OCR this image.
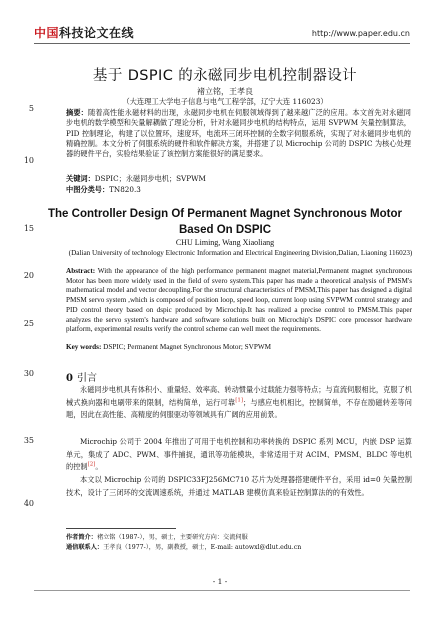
中国科技论文在线	http://www.paper.edu.cn
5
10
15
20
25
30
35
40
基于 DSPIC 的永磁同步电机控制器设计
褚立铭，王孝良
（大连理工大学电子信息与电气工程学部，辽宁大连 116023）
摘要：随着高性能永磁材料的出现，永磁同步电机在伺服领域得到了越来越广泛的应用。本文首先对永磁同步电机的数学模型和矢量解耦做了理论分析，针对永磁同步电机的结构特点，运用 SVPWM 矢量控制算法，PID 控制理论，构建了以位置环，速度环，电流环三闭环控制的全数字伺服系统，实现了对永磁同步电机的精确控制。本文分析了伺服系统的硬件和软件解决方案，并搭建了以 Microchip 公司的 DSPIC 为核心处理器的硬件平台，实验结果验证了该控制方案能很好的满足要求。
关键词：DSPIC；永磁同步电机；SVPWM
中图分类号：TN820.3
The Controller Design Of Permanent Magnet Synchronous Motor Based On DSPIC
CHU Liming, Wang Xiaoliang
(Dalian University of technology Electronic Information and Electrical Engineering Division,Dalian, Liaoning 116023)
Abstract: With the appearance of the high performance permanent magnet material,Permanent magnet synchronous Motor has been more widely used in the field of svero system.This paper has made a theoretical analysis of PMSM's mathematical model and vector decoupling.For the structural characteristics of PMSM,This paper has designed a digital PMSM servo system ,which is composed of position loop, speed loop, current loop using SVPWM control strategy and PID control theory based on dspic produced by Microchip.It has realized a precise control to PMSM.This paper analyzes the servo system's hardware and software solutions built on Microchip's DSPIC core processor hardware platform, experimental results verify the control scheme can well meet the requirements.
Key words: DSPIC; Permanent Magnet Synchronous Motor; SVPWM
0 引言
永磁同步电机具有体积小、重量轻、效率高、转动惯量小过载能力强等特点；与直流伺服相比，克服了机械式换向器和电刷带来的限制，结构简单，运行可靠[1]；与感应电机相比，控制简单，不存在励磁转差等问题，因此在高性能、高精度的伺服驱动等领域具有广阔的应用前景。
Microchip 公司于 2004 年推出了可用于电机控制和功率转换的 DSPIC 系列 MCU，内嵌 DSP 运算单元，集成了 ADC、PWM、事件捕捉，通讯等功能模块，非常适用于对 ACIM、PMSM、BLDC 等电机的控制[2]。
本文以 Microchip 公司的 DSPIC33FJ256MC710 芯片为处理器搭建硬件平台，采用 id=0 矢量控制技术，设计了三闭环的交流调速系统，并通过 MATLAB 建模仿真来验证控制算法的的有效性。
作者简介：褚立铭（1987-），男，硕士，主要研究方向：交流伺服
通信联系人：王孝良（1977-），男，副教授，硕士，E-mail: autowxl@dlut.edu.cn
- 1 -
